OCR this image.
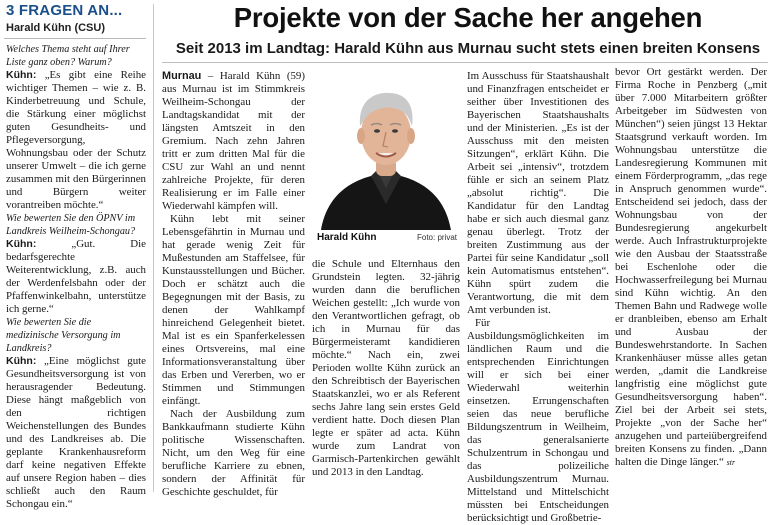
3 FRAGEN AN...
Harald Kühn (CSU)

Welches Thema steht auf Ihrer Liste ganz oben? Warum?

Kühn: „Es gibt eine Reihe wichtiger Themen – wie z. B. Kinderbetreuung und Schule, die Stärkung einer möglichst guten Gesundheits- und Pflegeversorgung, Wohnungsbau oder der Schutz unserer Umwelt – die ich gerne zusammen mit den Bürgerinnen und Bürgern weiter vorantreiben möchte.“

Wie bewerten Sie den ÖPNV im Landkreis Weilheim-Schongau?

Kühn: „Gut. Die bedarfsgerechte Weiterentwicklung, z.B. auch der Werdenfelsbahn oder der Pfaffenwinkelbahn, unterstütze ich gerne.“

Wie bewerten Sie die medizinische Versorgung im Landkreis?

Kühn: „Eine möglichst gute Gesundheitsversorgung ist von herausragender Bedeutung. Diese hängt maßgeblich von den richtigen Weichenstellungen des Bundes und des Landkreises ab. Die geplante Krankenhausreform darf keine negativen Effekte auf unsere Region haben – dies schließt auch den Raum Schongau ein.“

Projekte von der Sache her angehen
Seit 2013 im Landtag: Harald Kühn aus Murnau sucht stets einen breiten Konsens

Murnau – Harald Kühn (59) aus Murnau ist im Stimmkreis Weilheim-Schongau der Landtagskandidat mit der längsten Amtszeit in den Gremium. Nach zehn Jahren tritt er zum dritten Mal für die CSU zur Wahl an und nennt zahlreiche Projekte, für deren Realisierung er im Falle einer Wiederwahl kämpfen will.

Kühn lebt mit seiner Lebensgefährtin in Murnau und hat gerade wenig Zeit für Mußestunden am Staffelsee, für Kunstausstellungen und Bücher. Doch er schätzt auch die Begegnungen mit der Basis, zu denen der Wahlkampf hinreichend Gelegenheit bietet. Mal ist es ein Spanferkelessen eines Ortsvereins, mal eine Informationsveranstaltung über das Erben und Vererben, wo er Stimmen und Stimmungen einfängt.

Nach der Ausbildung zum Bankkaufmann studierte Kühn politische Wissenschaften. Nicht, um den Weg für eine berufliche Karriere zu ebnen, sondern der Affinität für Geschichte geschuldet, für

Harald Kühn	Foto: privat

die Schule und Elternhaus den Grundstein legten. 32-jährig wurden dann die beruflichen Weichen gestellt: „Ich wurde von den Verantwortlichen gefragt, ob ich in Murnau für das Bürgermeisteramt kandidieren möchte.“ Nach ein, zwei Perioden wollte Kühn zurück an den Schreibtisch der Bayerischen Staatskanzlei, wo er als Referent sechs Jahre lang sein erstes Geld verdient hatte. Doch diesen Plan legte er später ad acta. Kühn wurde zum Landrat von Garmisch-Partenkirchen gewählt und 2013 in den Landtag.

Im Ausschuss für Staatshaushalt und Finanzfragen entscheidet er seither über Investitionen des Bayerischen Staatshaushalts und der Ministerien. „Es ist der Ausschuss mit den meisten Sitzungen“, erklärt Kühn. Die Arbeit sei „intensiv“, trotzdem fühle er sich an seinem Platz „absolut richtig“. Die Kandidatur für den Landtag habe er sich auch diesmal ganz genau überlegt. Trotz der breiten Zustimmung aus der Partei für seine Kandidatur „soll kein Automatismus entstehen“. Kühn spürt zudem die Verantwortung, die mit dem Amt verbunden ist.

Für Ausbildungsmöglichkeiten im ländlichen Raum und die entsprechenden Einrichtungen will er sich bei einer Wiederwahl weiterhin einsetzen. Errungenschaften seien das neue berufliche Bildungszentrum in Weilheim, das generalsanierte Schulzentrum in Schongau und das polizeiliche Ausbildungszentrum Murnau. Mittelstand und Mittelschicht müssten bei Entscheidungen berücksichtigt und Großbetrie-

bevor Ort gestärkt werden. Der Firma Roche in Penzberg („mit über 7.000 Mitarbeitern größter Arbeitgeber im Südwesten von München“) seien jüngst 13 Hektar Staatsgrund verkauft worden. Im Wohnungsbau unterstütze die Landesregierung Kommunen mit einem Förderprogramm, „das rege in Anspruch genommen wurde“. Entscheidend sei jedoch, dass der Wohnungsbau von der Bundesregierung angekurbelt werde. Auch Infrastrukturprojekte wie den Ausbau der Staatsstraße bei Eschenlohe oder die Hochwasserfreilegung bei Murnau sind Kühn wichtig. An den Themen Bahn und Radwege wolle er dranbleiben, ebenso am Erhalt und Ausbau der Bundeswehrstandorte. In Sachen Krankenhäuser müsse alles getan werden, „damit die Landkreise langfristig eine möglichst gute Gesundheitsversorgung haben“. Ziel bei der Arbeit sei stets, Projekte „von der Sache her“ anzugehen und parteiübergreifend breiten Konsens zu finden. „Dann halten die Dinge länger.“ str
